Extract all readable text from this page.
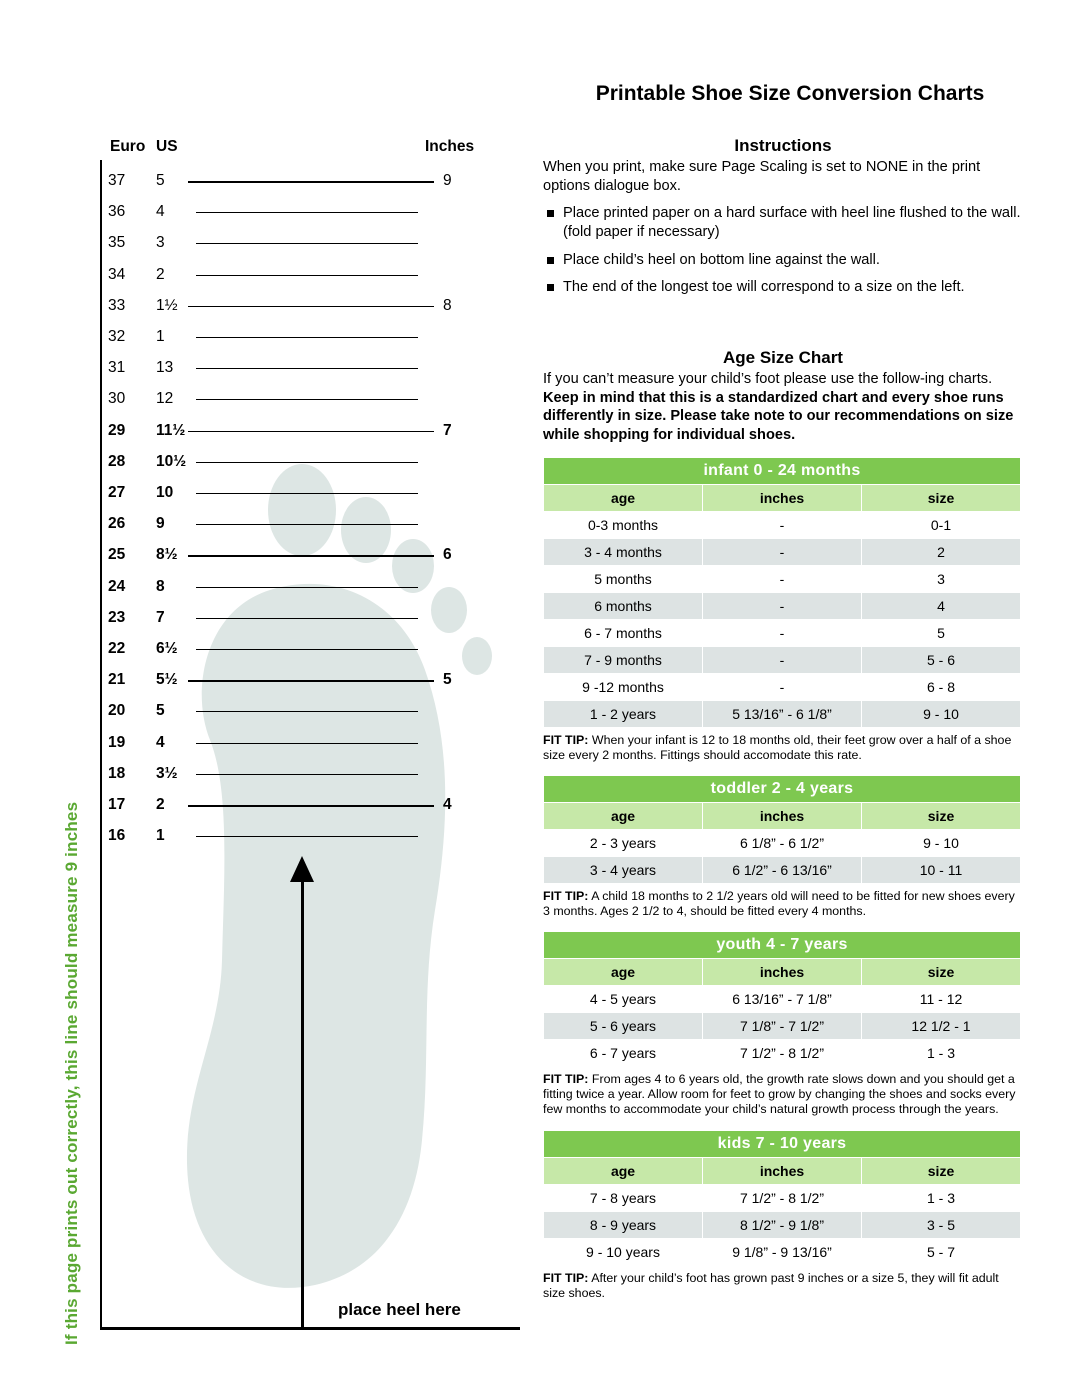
If this page prints out correctly, this line should measure 9 inches
Euro US	Inches
37	5	9
36	4
35	3
34	2
33	1½	8
32	1
31	13
30	12
29	11½	7
28	10½
27	10
26	9
25	8½	6
24	8
23	7
22	6½
21	5½	5
20	5
19	4
18	3½
17	2	4
16	1
place heel here
Printable Shoe Size Conversion Charts
Instructions

When you print, make sure Page Scaling is set to NONE in the print options dialogue box.

Place printed paper on a hard surface with heel line flushed to the wall. (fold paper if necessary)
Place child’s heel on bottom line against the wall.
The end of the longest toe will correspond to a size on the left.
Age Size Chart

If you can’t measure your child’s foot please use the follow-ing charts. Keep in mind that this is a standardized chart and every shoe runs differently in size. Please take note to our recommendations on size while shopping for individual shoes.

infant 0 - 24 months		
age	inches	size
0-3 months	-	0-1
3 - 4 months	-	2
5 months	-	3
6 months	-	4
6 - 7 months	-	5
7 - 9 months	-	5 - 6
9 -12 months	-	6 - 8
1 - 2 years	5 13/16” - 6 1/8”	9 - 10

FIT TIP: When your infant is 12 to 18 months old, their feet grow over a half of a shoe size every 2 months. Fittings should accomodate this rate.

toddler 2 - 4 years		
age	inches	size
2 - 3 years	6 1/8” - 6 1/2”	9 - 10
3 - 4 years	6 1/2” - 6 13/16”	10 - 11

FIT TIP: A child 18 months to 2 1/2 years old will need to be fitted for new shoes every 3 months. Ages 2 1/2 to 4, should be fitted every 4 months.

youth 4 - 7 years		
age	inches	size
4 - 5 years	6 13/16” - 7 1/8”	11 - 12
5 - 6 years	7 1/8” - 7 1/2”	12 1/2 - 1
6 - 7 years	7 1/2” - 8 1/2”	1 - 3

FIT TIP: From ages 4 to 6 years old, the growth rate slows down and you should get a fitting twice a year. Allow room for feet to grow by changing the shoes and socks every few months to accommodate your child’s natural growth process through the years.

kids 7 - 10 years		
age	inches	size
7 - 8 years	7 1/2” - 8 1/2”	1 - 3
8 - 9 years	8 1/2” - 9 1/8”	3 - 5
9 - 10 years	9 1/8” - 9 13/16”	5 - 7

FIT TIP: After your child’s foot has grown past 9 inches or a size 5, they will fit adult size shoes.
